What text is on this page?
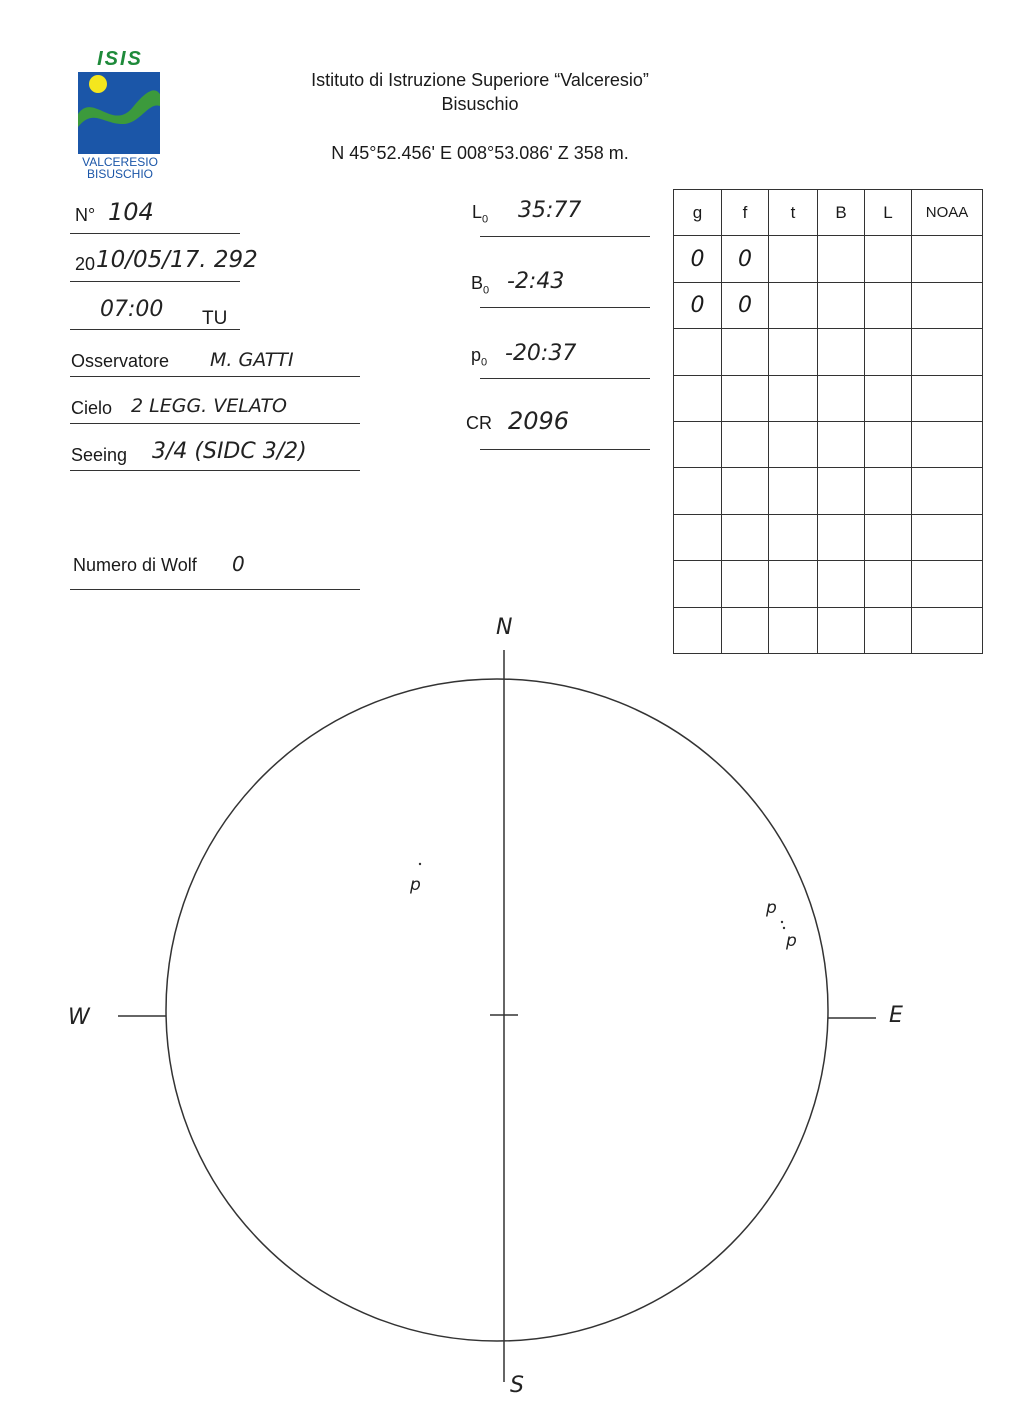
ISIS
VALCERESIO
BISUSCHIO
Istituto di Istruzione Superiore “Valceresio”
Bisuschio
N 45°52.456' E 008°53.086' Z 358 m.
N° 104
20 10/05/17. 292
07:00 TU
Osservatore M. GATTI
Cielo 2 LEGG. VELATO
Seeing 3/4 (SIDC 3/2)
Numero di Wolf 0
$L_0$ 35:77
$B_0$ -2:43
$p_0$ -20:37
CR 2096
g	f	t	B	L	NOAA
0	0				
0	0				

N
S
E
W
p
p
p
